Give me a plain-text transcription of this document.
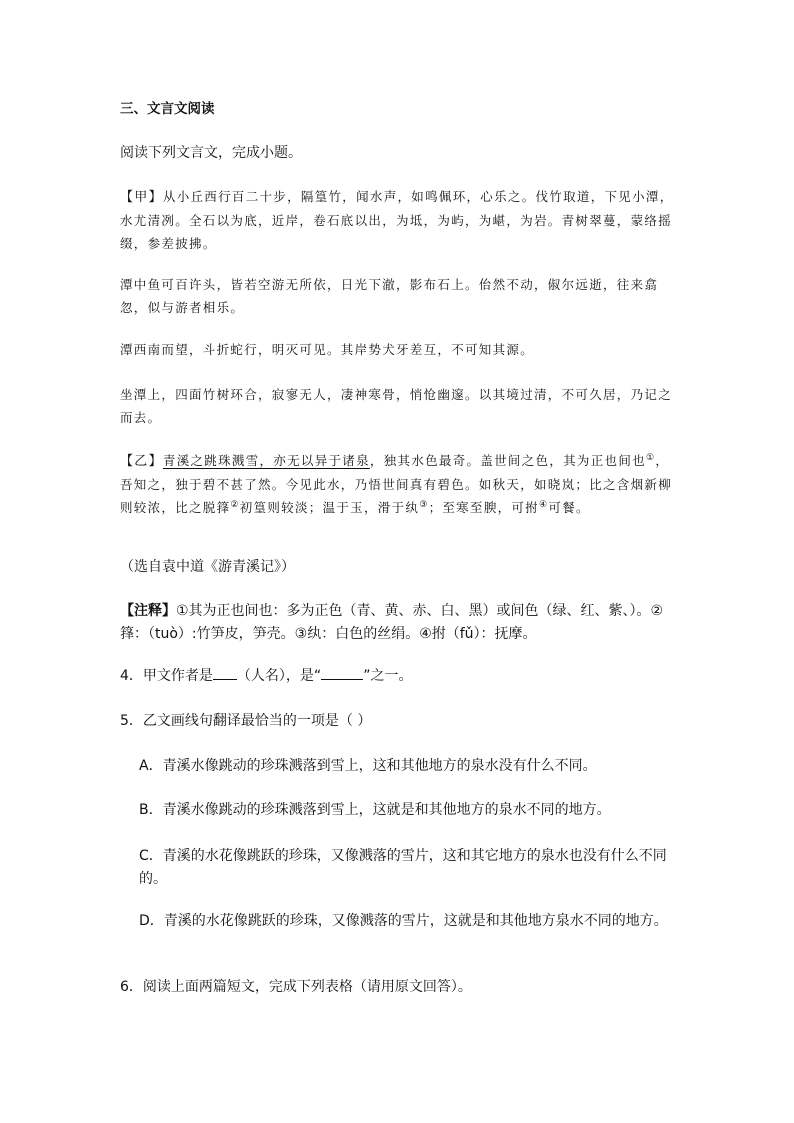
三、文言文阅读

阅读下列文言文，完成小题。

【甲】从小丘西行百二十步，隔篁竹，闻水声，如鸣佩环，心乐之。伐竹取道，下见小潭，水尤清冽。全石以为底，近岸，卷石底以出，为坻，为屿，为嵁，为岩。青树翠蔓，蒙络摇缀，参差披拂。

潭中鱼可百许头，皆若空游无所依，日光下澈，影布石上。佁然不动，俶尔远逝，往来翕忽，似与游者相乐。

潭西南而望，斗折蛇行，明灭可见。其岸势犬牙差互，不可知其源。

坐潭上，四面竹树环合，寂寥无人，凄神寒骨，悄怆幽邃。以其境过清，不可久居，乃记之而去。

【乙】青溪之跳珠溅雪，亦无以异于诸泉，独其水色最奇。盖世间之色，其为正也间也①，吾知之，独于碧不甚了然。今见此水，乃悟世间真有碧色。如秋天，如晓岚；比之含烟新柳则较浓，比之脱箨②初篁则较淡；温于玉，滑于纨③；至寒至腴，可拊④可餐。

（选自袁中道《游青溪记》）

【注释】①其为正也间也：多为正色（青、黄、赤、白、黑）或间色（绿、红、紫、）。②箨：（tuò）:竹笋皮，笋壳。③纨：白色的丝绢。④拊（fǔ）：抚摩。

4．甲文作者是 （人名），是“	”之一。

5．乙文画线句翻译最恰当的一项是（ ）

A．青溪水像跳动的珍珠溅落到雪上，这和其他地方的泉水没有什么不同。

B．青溪水像跳动的珍珠溅落到雪上，这就是和其他地方的泉水不同的地方。

C．青溪的水花像跳跃的珍珠，又像溅落的雪片，这和其它地方的泉水也没有什么不同的。

D．青溪的水花像跳跃的珍珠，又像溅落的雪片，这就是和其他地方泉水不同的地方。

6．阅读上面两篇短文，完成下列表格（请用原文回答）。
